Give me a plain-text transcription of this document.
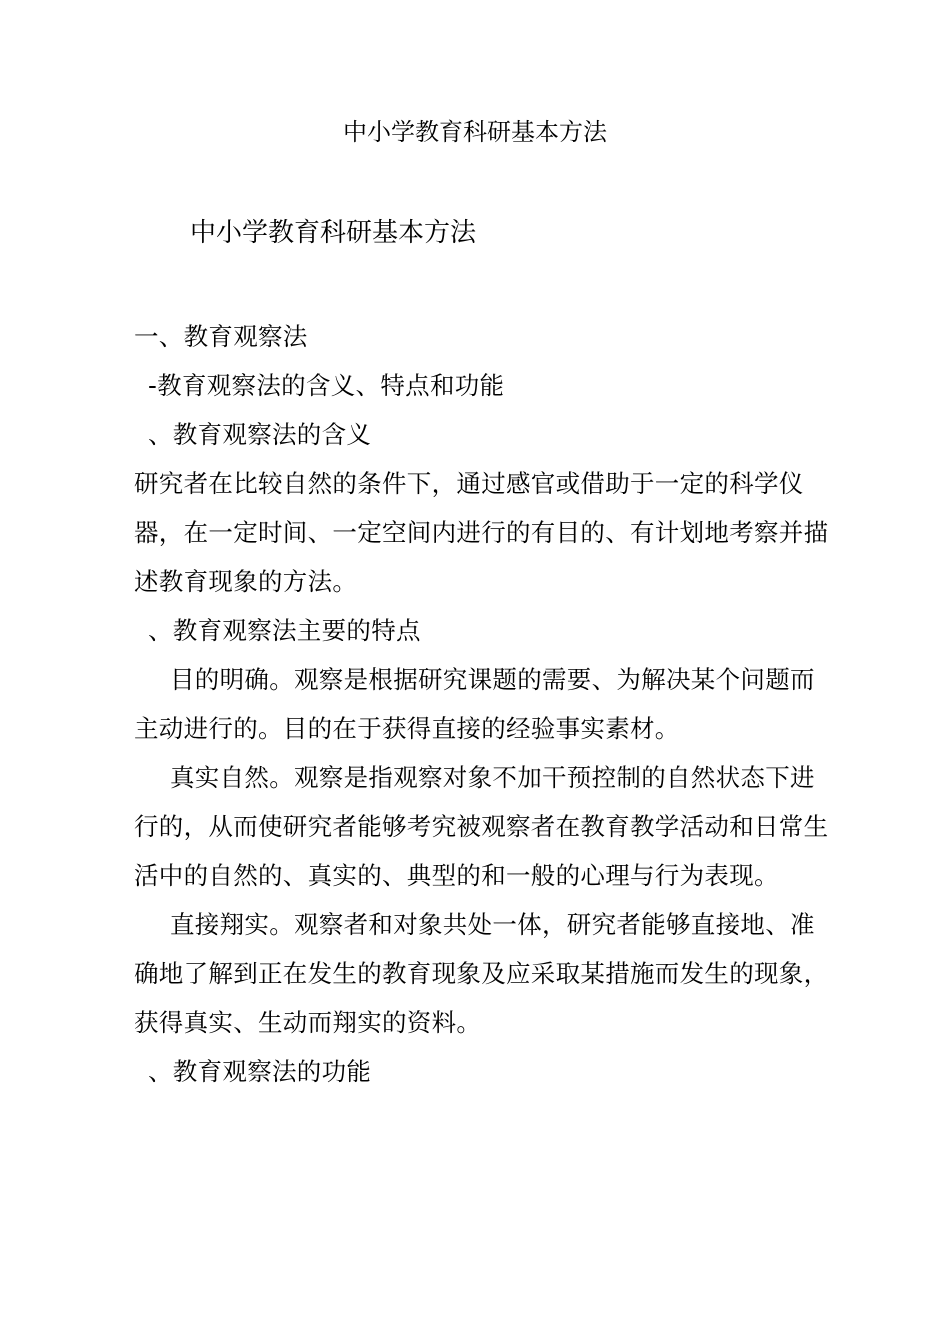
中小学教育科研基本方法
中小学教育科研基本方法

一、教育观察法

-教育观察法的含义、特点和功能

、教育观察法的含义

研究者在比较自然的条件下，通过感官或借助于一定的科学仪器，在一定时间、一定空间内进行的有目的、有计划地考察并描述教育现象的方法。

、教育观察法主要的特点

目的明确。观察是根据研究课题的需要、为解决某个问题而主动进行的。目的在于获得直接的经验事实素材。

真实自然。观察是指观察对象不加干预控制的自然状态下进行的，从而使研究者能够考究被观察者在教育教学活动和日常生活中的自然的、真实的、典型的和一般的心理与行为表现。

直接翔实。观察者和对象共处一体，研究者能够直接地、准确地了解到正在发生的教育现象及应采取某措施而发生的现象，获得真实、生动而翔实的资料。

、教育观察法的功能
